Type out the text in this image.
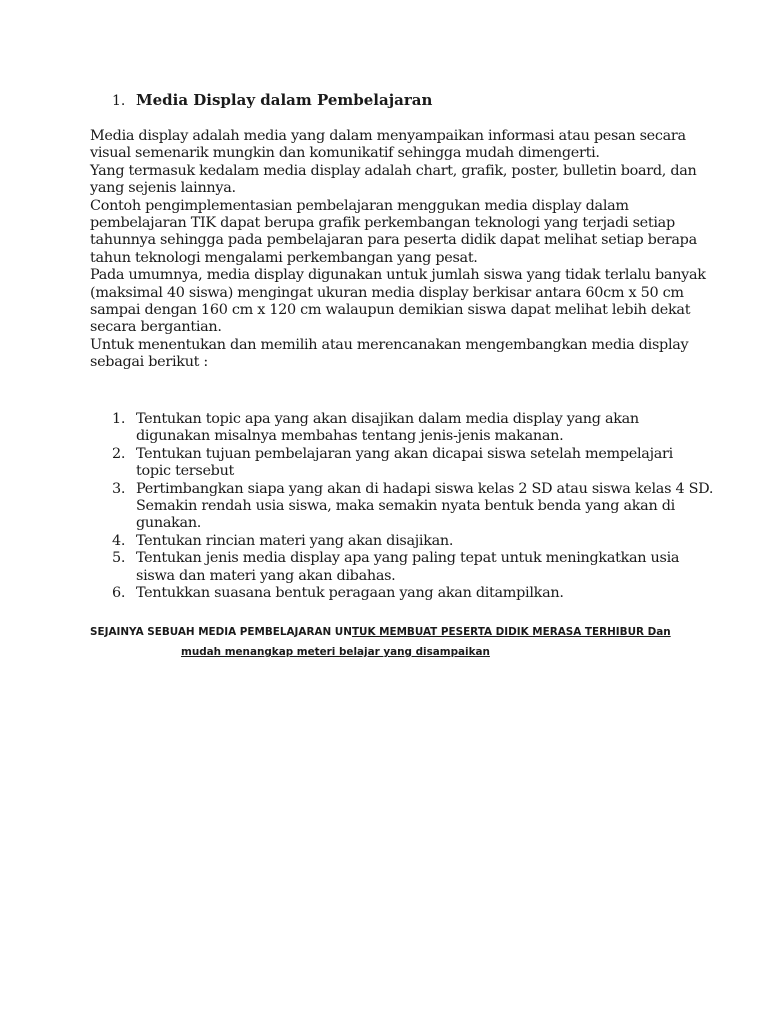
1. Media Display dalam Pembelajaran
Media display adalah media yang dalam menyampaikan informasi atau pesan secara
visual semenarik mungkin dan komunikatif sehingga mudah dimengerti.
Yang termasuk kedalam media display adalah chart, grafik, poster, bulletin board, dan
yang sejenis lainnya.
Contoh pengimplementasian pembelajaran menggukan media display dalam
pembelajaran TIK dapat berupa grafik perkembangan teknologi yang terjadi setiap
tahunnya sehingga pada pembelajaran para peserta didik dapat melihat setiap berapa
tahun teknologi mengalami perkembangan yang pesat.
Pada umumnya, media display digunakan untuk jumlah siswa yang tidak terlalu banyak
(maksimal 40 siswa) mengingat ukuran media display berkisar antara 60cm x 50 cm
sampai dengan 160 cm x 120 cm walaupun demikian siswa dapat melihat lebih dekat
secara bergantian.
Untuk menentukan dan memilih atau merencanakan mengembangkan media display
sebagai berikut :
1. Tentukan topic apa yang akan disajikan dalam media display yang akan
digunakan misalnya membahas tentang jenis-jenis makanan.
2. Tentukan tujuan pembelajaran yang akan dicapai siswa setelah mempelajari
topic tersebut
3. Pertimbangkan siapa yang akan di hadapi siswa kelas 2 SD atau siswa kelas 4 SD.
Semakin rendah usia siswa, maka semakin nyata bentuk benda yang akan di
gunakan.
4. Tentukan rincian materi yang akan disajikan.
5. Tentukan jenis media display apa yang paling tepat untuk meningkatkan usia
siswa dan materi yang akan dibahas.
6. Tentukkan suasana bentuk peragaan yang akan ditampilkan.
SEJAINYA SEBUAH MEDIA PEMBELAJARAN UNTUK MEMBUAT PESERTA DIDIK MERASA TERHIBUR Dan
mudah menangkap meteri belajar yang disampaikan
